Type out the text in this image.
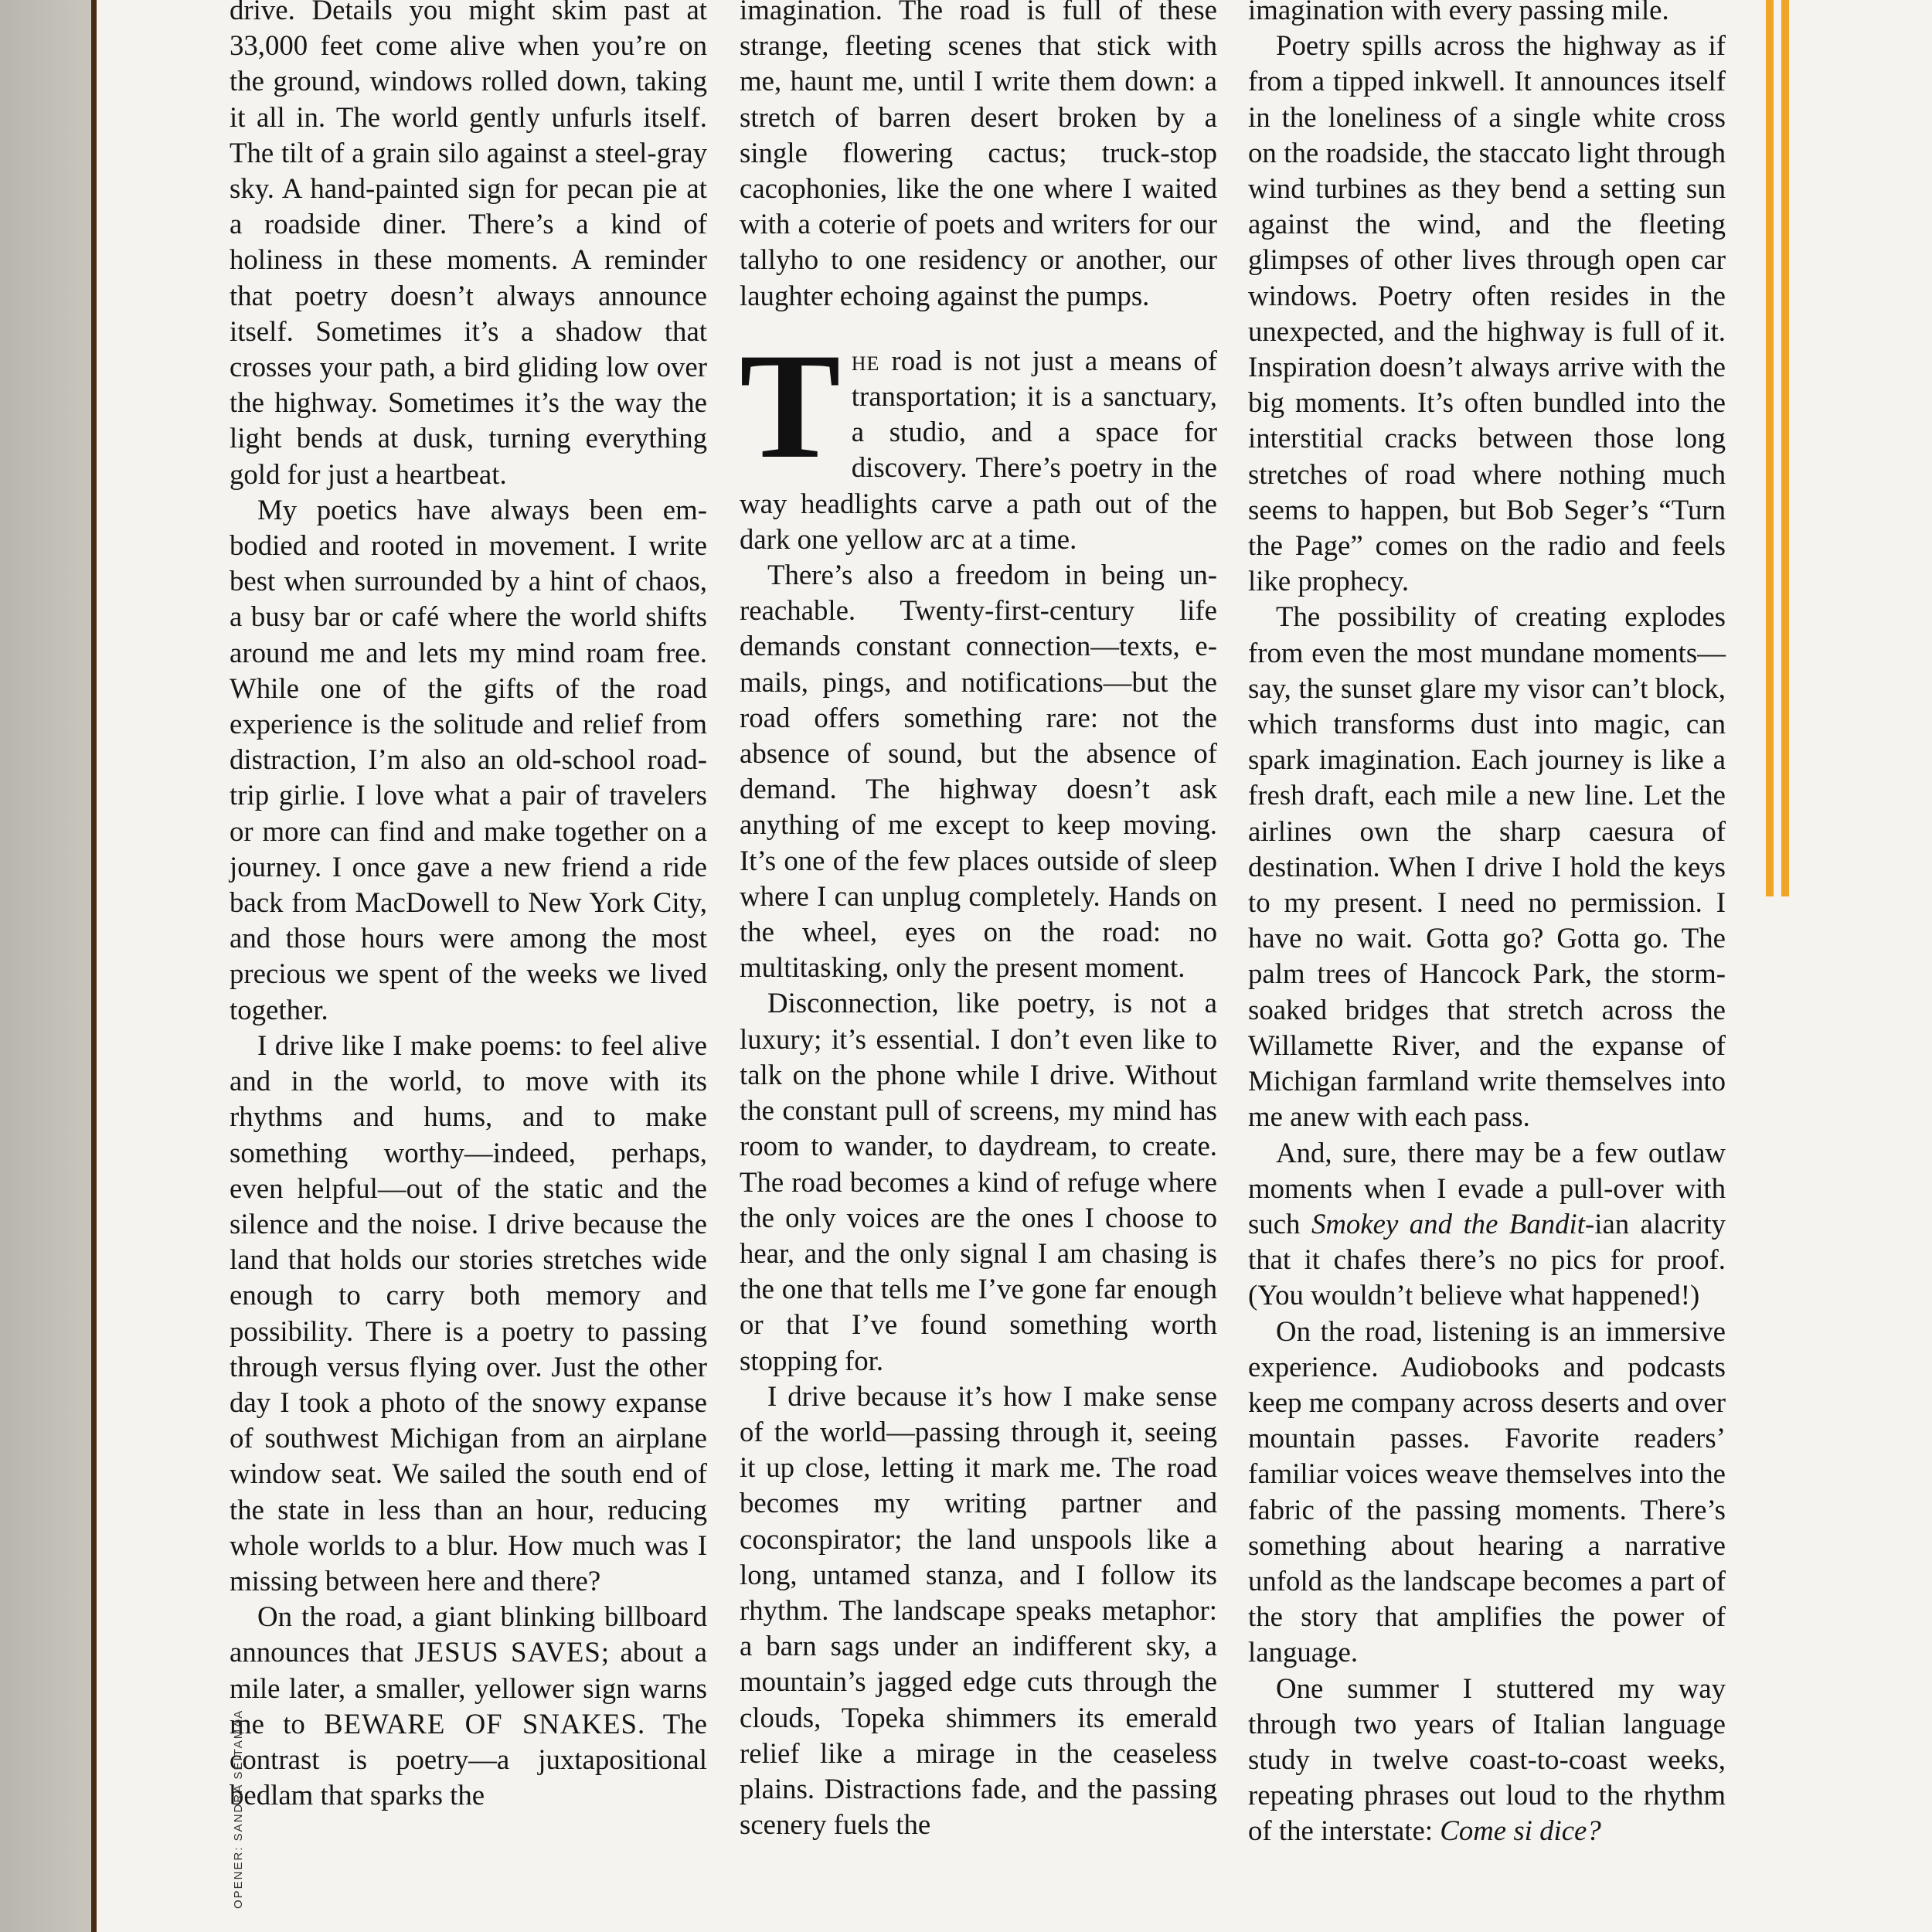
drive. Details you might skim past at 33,000 feet come alive when you’re on the ground, windows rolled down, taking it all in. The world gently unfurls itself. The tilt of a grain silo against a steel-gray sky. A hand-painted sign for pecan pie at a roadside diner. There’s a kind of holiness in these moments. A reminder that poetry doesn’t always announce itself. Sometimes it’s a shadow that crosses your path, a bird gliding low over the highway. Sometimes it’s the way the light bends at dusk, turning everything gold for just a heartbeat.

My poetics have always been embodied and rooted in movement. I write best when surrounded by a hint of chaos, a busy bar or café where the world shifts around me and lets my mind roam free. While one of the gifts of the road experience is the solitude and relief from distraction, I’m also an old-school road-trip girlie. I love what a pair of travelers or more can find and make together on a journey. I once gave a new friend a ride back from MacDowell to New York City, and those hours were among the most precious we spent of the weeks we lived together.

I drive like I make poems: to feel alive and in the world, to move with its rhythms and hums, and to make something worthy—indeed, perhaps, even helpful—out of the static and the silence and the noise. I drive because the land that holds our stories stretches wide enough to carry both memory and possibility. There is a poetry to passing through versus flying over. Just the other day I took a photo of the snowy expanse of southwest Michigan from an airplane window seat. We sailed the south end of the state in less than an hour, reducing whole worlds to a blur. How much was I missing between here and there?

On the road, a giant blinking billboard announces that JESUS SAVES; about a mile later, a smaller, yellower sign warns me to BEWARE OF SNAKES. The contrast is poetry—a juxtapositional bedlam that sparks the

imagination. The road is full of these strange, fleeting scenes that stick with me, haunt me, until I write them down: a stretch of barren desert broken by a single flowering cactus; truck-stop cacophonies, like the one where I waited with a coterie of poets and writers for our tallyho to one residency or another, our laughter echoing against the pumps.

The road is not just a means of transportation; it is a sanctuary, a studio, and a space for discovery. There’s poetry in the way headlights carve a path out of the dark one yellow arc at a time.

There’s also a freedom in being unreachable. Twenty-first-century life demands constant connection—texts, e-mails, pings, and notifications—but the road offers something rare: not the absence of sound, but the absence of demand. The highway doesn’t ask anything of me except to keep moving. It’s one of the few places outside of sleep where I can unplug completely. Hands on the wheel, eyes on the road: no multitasking, only the present moment.

Disconnection, like poetry, is not a luxury; it’s essential. I don’t even like to talk on the phone while I drive. Without the constant pull of screens, my mind has room to wander, to daydream, to create. The road becomes a kind of refuge where the only voices are the ones I choose to hear, and the only signal I am chasing is the one that tells me I’ve gone far enough or that I’ve found something worth stopping for.

I drive because it’s how I make sense of the world—passing through it, seeing it up close, letting it mark me. The road becomes my writing partner and coconspirator; the land unspools like a long, untamed stanza, and I follow its rhythm. The landscape speaks metaphor: a barn sags under an indifferent sky, a mountain’s jagged edge cuts through the clouds, Topeka shimmers its emerald relief like a mirage in the ceaseless plains. Distractions fade, and the passing scenery fuels the

imagination with every passing mile.

Poetry spills across the highway as if from a tipped inkwell. It announces itself in the loneliness of a single white cross on the roadside, the staccato light through wind turbines as they bend a setting sun against the wind, and the fleeting glimpses of other lives through open car windows. Poetry often resides in the unexpected, and the highway is full of it. Inspiration doesn’t always arrive with the big moments. It’s often bundled into the interstitial cracks between those long stretches of road where nothing much seems to happen, but Bob Seger’s “Turn the Page” comes on the radio and feels like prophecy.

The possibility of creating explodes from even the most mundane moments—say, the sunset glare my visor can’t block, which transforms dust into magic, can spark imagination. Each journey is like a fresh draft, each mile a new line. Let the airlines own the sharp caesura of destination. When I drive I hold the keys to my present. I need no permission. I have no wait. Gotta go? Gotta go. The palm trees of Hancock Park, the storm-soaked bridges that stretch across the Willamette River, and the expanse of Michigan farmland write themselves into me anew with each pass.

And, sure, there may be a few outlaw moments when I evade a pull-over with such Smokey and the Bandit-ian alacrity that it chafes there’s no pics for proof. (You wouldn’t believe what happened!)

On the road, listening is an immersive experience. Audiobooks and podcasts keep me company across deserts and over mountain passes. Favorite readers’ familiar voices weave themselves into the fabric of the passing moments. There’s something about hearing a narrative unfold as the landscape becomes a part of the story that amplifies the power of language.

One summer I stuttered my way through two years of Italian language study in twelve coast-to-coast weeks, repeating phrases out loud to the rhythm of the interstate: Come si dice?

OPENER: SANDRA SEITAMAA
